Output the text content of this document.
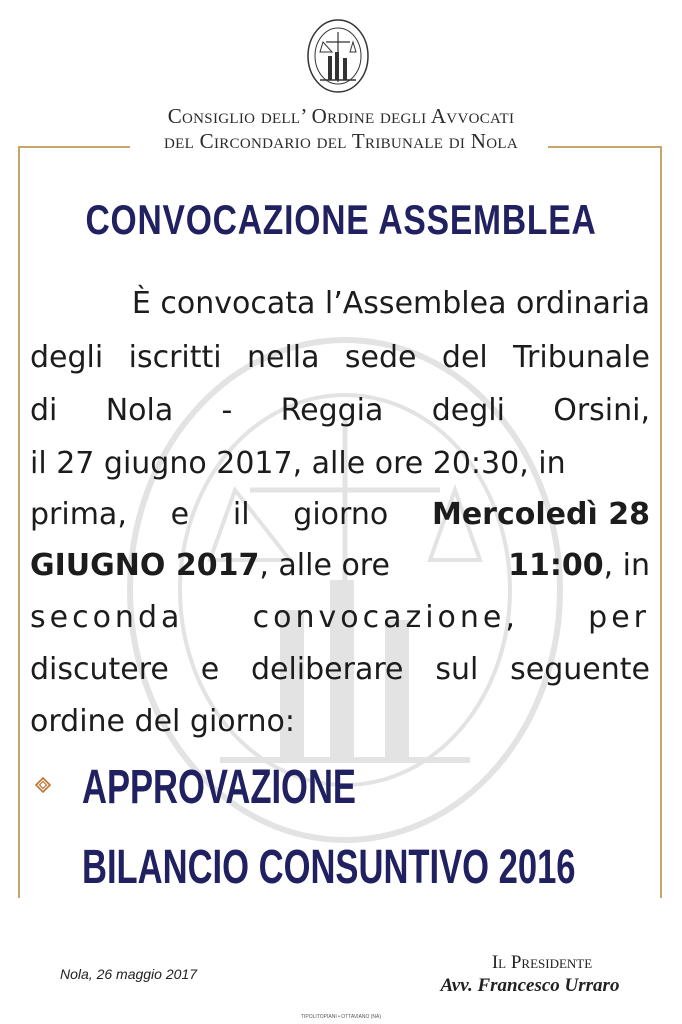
Consiglio dell’ Ordine degli Avvocati
del Circondario del Tribunale di Nola
CONVOCAZIONE ASSEMBLEA
È convocata l’Assemblea ordinaria
degli iscritti nella sede del Tribunale
di Nola - Reggia degli Orsini,
il 27 giugno 2017, alle ore 20:30, in
prima, e il giorno Mercoledì 28
GIUGNO 2017, alle ore	11:00, in
seconda convocazione, per
discutere e deliberare sul seguente
ordine del giorno:
APPROVAZIONE
BILANCIO CONSUNTIVO 2016
Nola, 26 maggio 2017
Il Presidente
Avv. Francesco Urraro
TIPOLITOPIANI • OTTAVIANO (NA)
